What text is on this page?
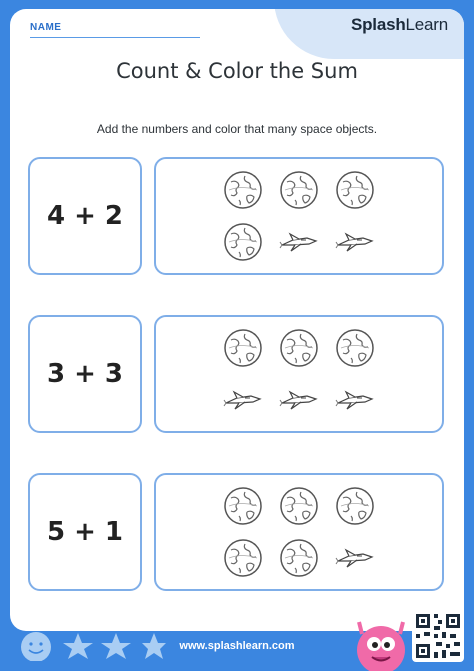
SplashLearn
NAME
Count & Color the Sum
Add the numbers and color that many space objects.
4 + 2
3 + 3
5 + 1
www.splashlearn.com
